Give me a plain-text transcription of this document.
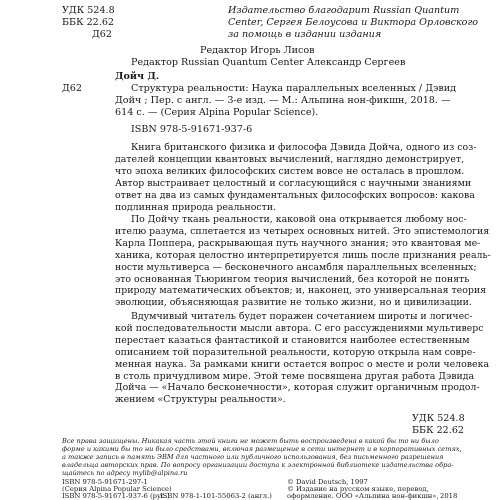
УДК 524.8
ББК 22.62
Д62
Издательство благодарит Russian Quantum
Center, Сергея Белоусова и Виктора Орловского
за помощь в издании издания
Редактор Игорь Лисов
Редактор Russian Quantum Center Александр Сергеев
Д62
Дойч Д.
Структура реальности: Наука параллельных вселенных / Дэвид
Дойч ; Пер. с англ. — 3-е изд. — М.: Альпина нон-фикшн, 2018. —
614 с. — (Серия Alpina Popular Science).
ISBN 978-5-91671-937-6
Книга британского физика и философа Дэвида Дойча, одного из соз-
дателей концепции квантовых вычислений, наглядно демонстрирует,
что эпоха великих философских систем вовсе не осталась в прошлом.
Автор выстраивает целостный и согласующийся с научными знаниями
ответ на два из самых фундаментальных философских вопросов: какова
подлинная природа реальности.
По Дойчу ткань реальности, каковой она открывается любому нос-
ителю разума, сплетается из четырех основных нитей. Это эпистемология
Карла Поппера, раскрывающая путь научного знания; это квантовая ме-
ханика, которая целостно интерпретируется лишь после признания реаль-
ности мультиверса — бесконечного ансамбля параллельных вселенных;
это основанная Тьюрингом теория вычислений, без которой не понять
природу математических объектов; и, наконец, это универсальная теория
эволюции, объясняющая развитие не только жизни, но и цивилизации.
Вдумчивый читатель будет поражен сочетанием широты и логичес-
кой последовательности мысли автора. С его рассуждениями мультиверс
перестает казаться фантастикой и становится наиболее естественным
описанием той поразительной реальности, которую открыла нам совре-
менная наука. За рамками книги остается вопрос о месте и роли человека
в столь причудливом мире. Этой теме посвящена другая работа Дэвида
Дойча — «Начало бесконечности», которая служит органичным продол-
жением «Структуры реальности».
УДК 524.8
ББК 22.62
Все права защищены. Никакая часть этой книги не может быть воспроизведена в какой бы то ни было
форме и какими бы то ни было средствами, включая размещение в сети интернет и в корпоративных сетях,
а также запись в память ЭВМ для частного или публичного использования, без письменного разрешения
владельца авторских прав. По вопросу организации доступа к электронной библиотеке издательства обра-
щайтесь по адресу mylib@alpina.ru
ISBN 978-5-91671-297-1
(Серия Alpina Popular Science)
ISBN 978-5-91671-937-6 (рус.)
ISBN 978-1-101-55063-2 (англ.)
© David Deutsch, 1997
© Издание на русском языке, перевод,
оформление. ООО «Альпина нон-фикшн», 2018
